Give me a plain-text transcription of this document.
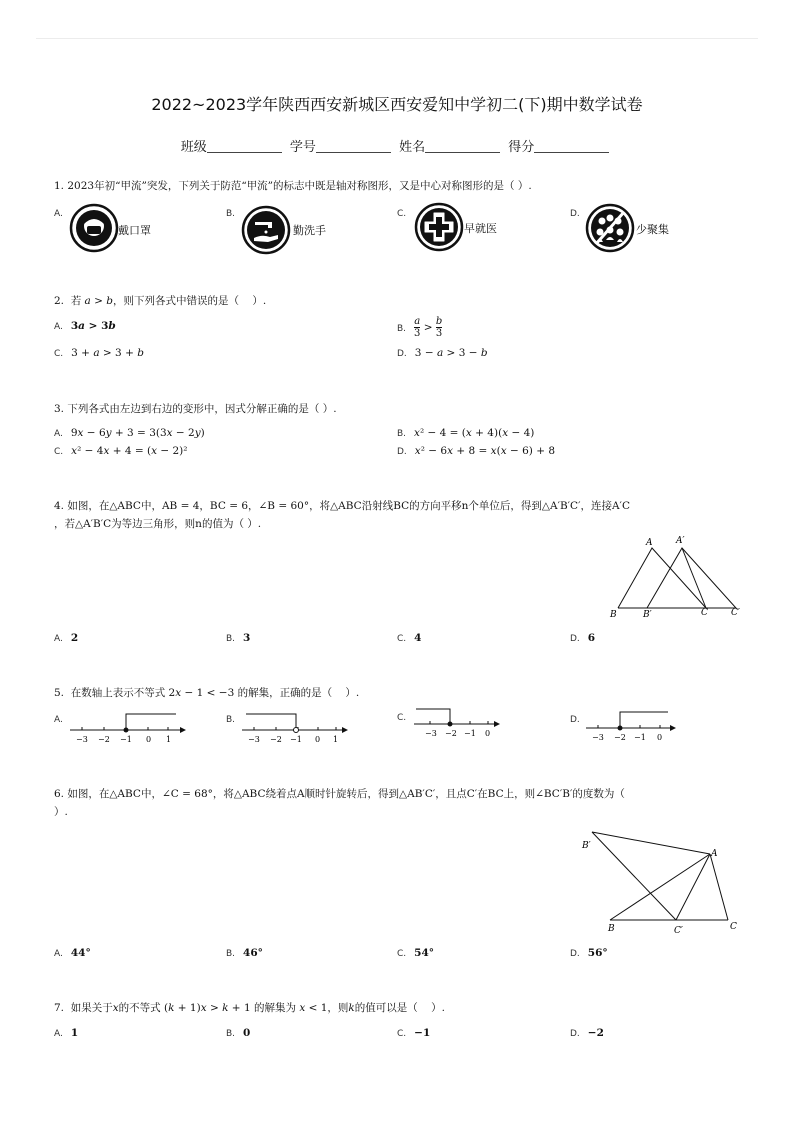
2022~2023学年陕西西安新城区西安爱知中学初二(下)期中数学试卷
班级	学号	姓名	得分
1. 2023年初“甲流”突发，下列关于防范“甲流”的标志中既是轴对称图形，又是中心对称图形的是（ ）.
A.
戴口罩
B.
勤洗手
C.
早就医
D.
少聚集
2.  若 a > b，则下列各式中错误的是（    ）.
A. 3a > 3b	B. $\frac{a}{3} > \frac{b}{3}$
C. 3 + a > 3 + b	D. 3 − a > 3 − b
3. 下列各式由左边到右边的变形中，因式分解正确的是（ ）.
A. 9x − 6y + 3 = 3(3x − 2y)	B. x² − 4 = (x + 4)(x − 4)
C. x² − 4x + 4 = (x − 2)²	D. x² − 6x + 8 = x(x − 6) + 8
4. 如图，在△ABC中，AB = 4，BC = 6，∠B = 60°，将△ABC沿射线BC的方向平移n个单位后，得到△A′B′C′，连接A′C
，若△A′B′C为等边三角形，则n的值为（ ）.
A	A′
B	B′	C	C′
A. 2	B. 3	C. 4	D. 6
5.  在数轴上表示不等式 2x − 1 < −3 的解集，正确的是（    ）.
A.
−3 −2 −1 0 1
B.
−3 −2 −1 0 1
C.
−3 −2 −1 0
D.
−3 −2 −1 0
6. 如图，在△ABC中，∠C = 68°，将△ABC绕着点A顺时针旋转后，得到△AB′C′，且点C′在BC上，则∠BC′B′的度数为（
）.
B′
A
B	C′	C
A. 44°	B. 46°	C. 54°	D. 56°
7.  如果关于x的不等式 (k + 1)x > k + 1 的解集为 x < 1，则k的值可以是（    ）.
A. 1	B. 0	C. −1	D. −2
